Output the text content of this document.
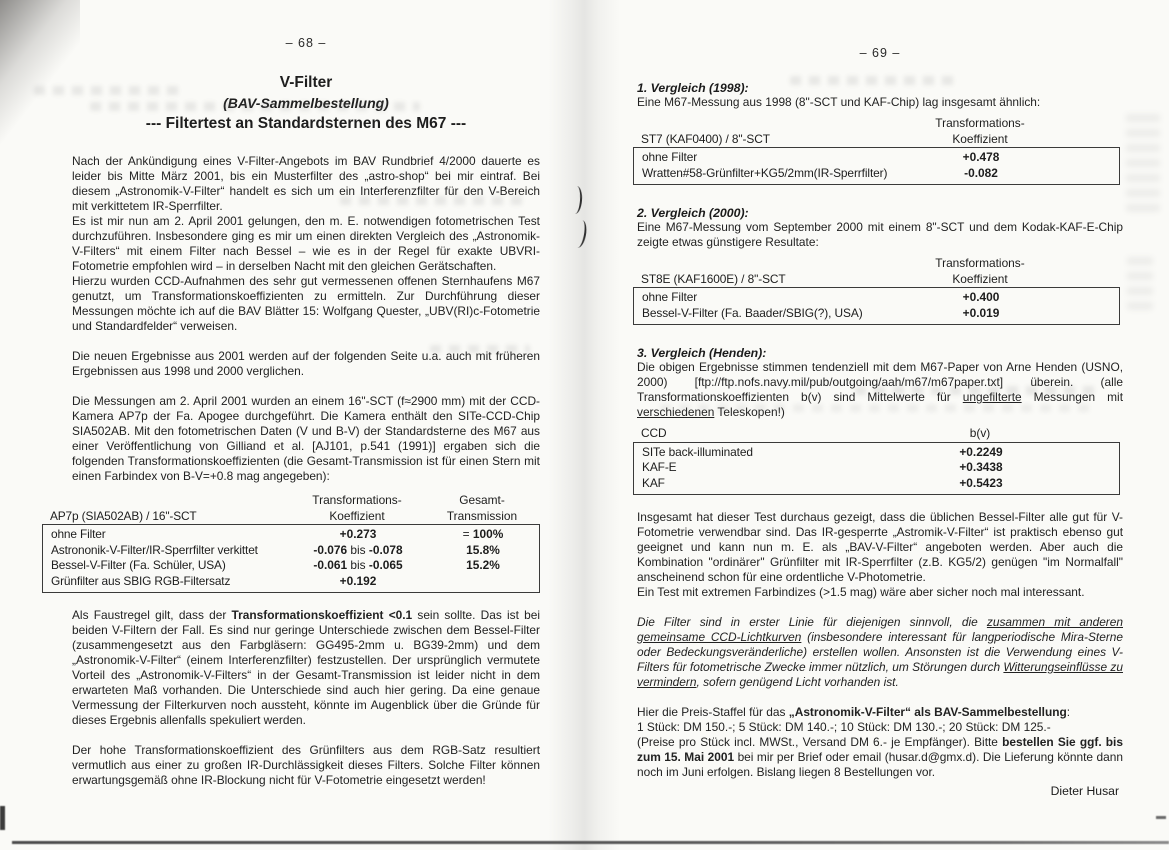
– 68 –
V-Filter
(BAV-Sammelbestellung)
--- Filtertest an Standardsternen des M67 ---
Nach der Ankündigung eines V-Filter-Angebots im BAV Rundbrief 4/2000 dauerte es leider bis Mitte März 2001, bis ein Musterfilter des „astro-shop“ bei mir eintraf. Bei diesem „Astronomik-V-Filter“ handelt es sich um ein Interferenzfilter für den V-Bereich mit verkittetem IR-Sperrfilter.
Es ist mir nun am 2. April 2001 gelungen, den m. E. notwendigen fotometrischen Test durchzuführen. Insbesondere ging es mir um einen direkten Vergleich des „Astronomik-V-Filters“ mit einem Filter nach Bessel – wie es in der Regel für exakte UBVRI-Fotometrie empfohlen wird – in derselben Nacht mit den gleichen Gerätschaften.
Hierzu wurden CCD-Aufnahmen des sehr gut vermessenen offenen Sternhaufens M67 genutzt, um Transformationskoeffizienten zu ermitteln. Zur Durchführung dieser Messungen möchte ich auf die BAV Blätter 15: Wolfgang Quester, „UBV(RI)c-Fotometrie und Standardfelder“ verweisen.
Die neuen Ergebnisse aus 2001 werden auf der folgenden Seite u.a. auch mit früheren Ergebnissen aus 1998 und 2000 verglichen.
Die Messungen am 2. April 2001 wurden an einem 16"-SCT (f≈2900 mm) mit der CCD-Kamera AP7p der Fa. Apogee durchgeführt. Die Kamera enthält den SITe-CCD-Chip SIA502AB. Mit den fotometrischen Daten (V und B-V) der Standardsterne des M67 aus einer Veröffentlichung von Gilliand et al. [AJ101, p.541 (1991)] ergaben sich die folgenden Transformationskoeffizienten (die Gesamt-Transmission ist für einen Stern mit einen Farbindex von B-V=+0.8 mag angegeben):
Transformations-	Gesamt-
AP7p (SIA502AB) / 16"-SCT	Koeffizient	Transmission
ohne Filter	+0.273	= 100%
Astrononik-V-Filter/IR-Sperrfilter verkittet	-0.076 bis -0.078	15.8%
Bessel-V-Filter (Fa. Schüler, USA)	-0.061 bis -0.065	15.2%
Grünfilter aus SBIG RGB-Filtersatz	+0.192
Als Faustregel gilt, dass der Transformationskoeffizient <0.1 sein sollte. Das ist bei beiden V-Filtern der Fall. Es sind nur geringe Unterschiede zwischen dem Bessel-Filter (zusammengesetzt aus den Farbgläsern: GG495-2mm u. BG39-2mm) und dem „Astronomik-V-Filter“ (einem Interferenzfilter) festzustellen. Der ursprünglich vermutete Vorteil des „Astronomik-V-Filters“ in der Gesamt-Transmission ist leider nicht in dem erwarteten Maß vorhanden. Die Unterschiede sind auch hier gering. Da eine genaue Vermessung der Filterkurven noch aussteht, könnte im Augenblick über die Gründe für dieses Ergebnis allenfalls spekuliert werden.
Der hohe Transformationskoeffizient des Grünfilters aus dem RGB-Satz resultiert vermutlich aus einer zu großen IR-Durchlässigkeit dieses Filters. Solche Filter können erwartungsgemäß ohne IR-Blockung nicht für V-Fotometrie eingesetzt werden!
– 69 –
1. Vergleich (1998):
Eine M67-Messung aus 1998 (8"-SCT und KAF-Chip) lag insgesamt ähnlich:
Transformations-
ST7 (KAF0400) / 8"-SCT	Koeffizient
ohne Filter	+0.478
Wratten#58-Grünfilter+KG5/2mm(IR-Sperrfilter)	-0.082
2. Vergleich (2000):
Eine M67-Messung vom September 2000 mit einem 8"-SCT und dem Kodak-KAF-E-Chip zeigte etwas günstigere Resultate:
Transformations-
ST8E (KAF1600E) / 8"-SCT	Koeffizient
ohne Filter	+0.400
Bessel-V-Filter (Fa. Baader/SBIG(?), USA)	+0.019
3. Vergleich (Henden):
Die obigen Ergebnisse stimmen tendenziell mit dem M67-Paper von Arne Henden (USNO, 2000) [ftp://ftp.nofs.navy.mil/pub/outgoing/aah/m67/m67paper.txt] überein. (alle Transformationskoeffizienten b(v) sind Mittelwerte für ungefilterte Messungen mit verschiedenen Teleskopen!)
CCD	b(v)
SITe back-illuminated	+0.2249
KAF-E	+0.3438
KAF	+0.5423
Insgesamt hat dieser Test durchaus gezeigt, dass die üblichen Bessel-Filter alle gut für V-Fotometrie verwendbar sind. Das IR-gesperrte „Astromik-V-Filter“ ist praktisch ebenso gut geeignet und kann nun m. E. als „BAV-V-Filter“ angeboten werden. Aber auch die Kombination "ordinärer" Grünfilter mit IR-Sperrfilter (z.B. KG5/2) genügen "im Normalfall" anscheinend schon für eine ordentliche V-Photometrie.
Ein Test mit extremen Farbindizes (>1.5 mag) wäre aber sicher noch mal interessant.
Die Filter sind in erster Linie für diejenigen sinnvoll, die zusammen mit anderen gemeinsame CCD-Lichtkurven (insbesondere interessant für langperiodische Mira-Sterne oder Bedeckungsveränderliche) erstellen wollen. Ansonsten ist die Verwendung eines V-Filters für fotometrische Zwecke immer nützlich, um Störungen durch Witterungseinflüsse zu vermindern, sofern genügend Licht vorhanden ist.
Hier die Preis-Staffel für das „Astronomik-V-Filter“ als BAV-Sammelbestellung:
1 Stück: DM 150.-; 5 Stück: DM 140.-; 10 Stück: DM 130.-; 20 Stück: DM 125.-
(Preise pro Stück incl. MWSt., Versand DM 6.- je Empfänger). Bitte bestellen Sie ggf. bis zum 15. Mai 2001 bei mir per Brief oder email (husar.d@gmx.d). Die Lieferung könnte dann noch im Juni erfolgen. Bislang liegen 8 Bestellungen vor.
Dieter Husar
